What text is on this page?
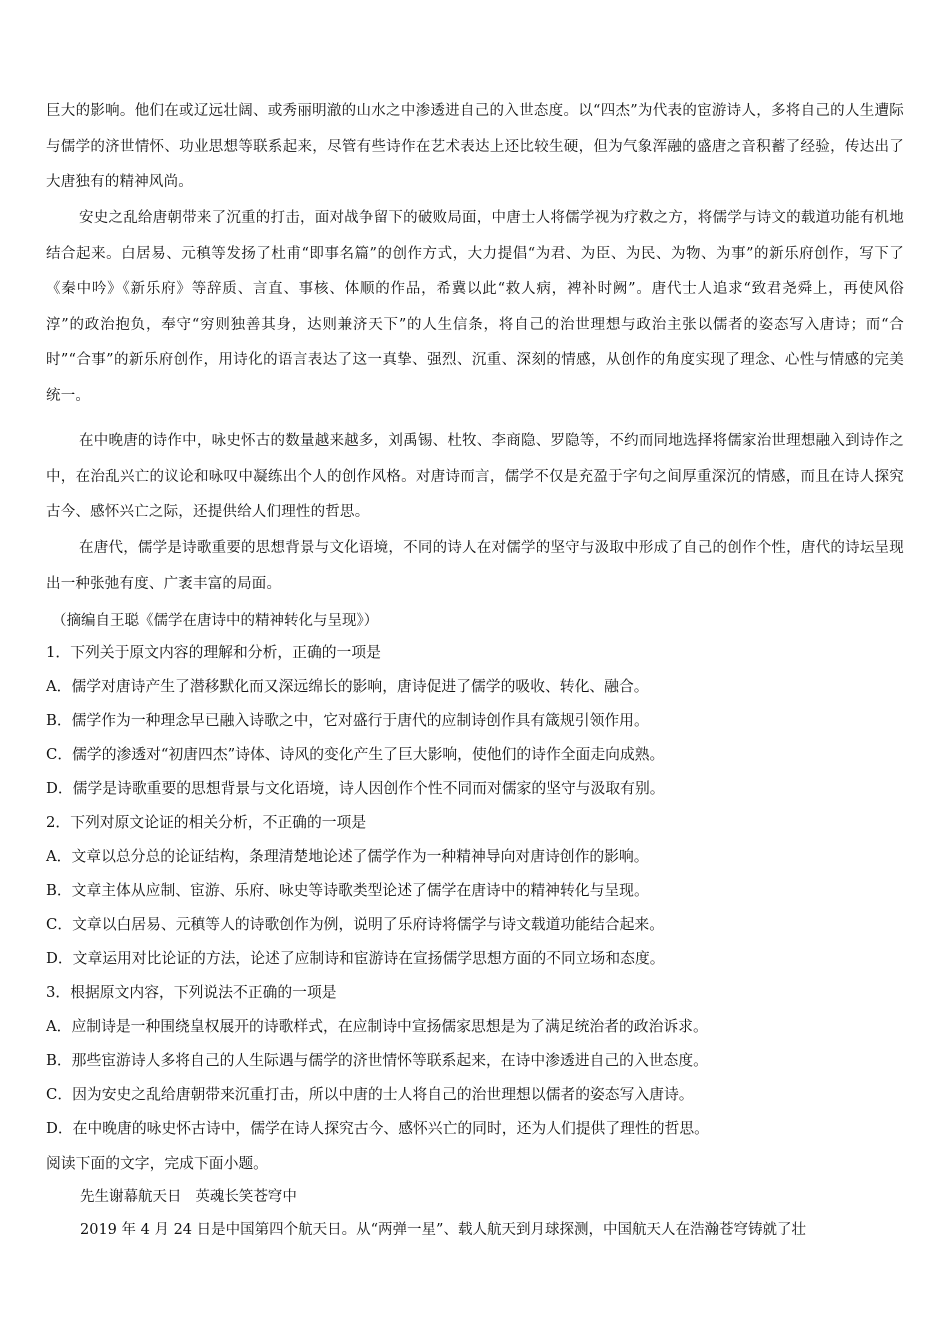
巨大的影响。他们在或辽远壮阔、或秀丽明澈的山水之中渗透进自己的入世态度。以“四杰”为代表的宦游诗人，多将自己的人生遭际与儒学的济世情怀、功业思想等联系起来，尽管有些诗作在艺术表达上还比较生硬，但为气象浑融的盛唐之音积蓄了经验，传达出了大唐独有的精神风尚。

安史之乱给唐朝带来了沉重的打击，面对战争留下的破败局面，中唐士人将儒学视为疗救之方，将儒学与诗文的载道功能有机地结合起来。白居易、元稹等发扬了杜甫“即事名篇”的创作方式，大力提倡“为君、为臣、为民、为物、为事”的新乐府创作，写下了《秦中吟》《新乐府》等辞质、言直、事核、体顺的作品，希冀以此“救人病，裨补时阙”。唐代士人追求“致君尧舜上，再使风俗淳”的政治抱负，奉守“穷则独善其身，达则兼济天下”的人生信条，将自己的治世理想与政治主张以儒者的姿态写入唐诗；而“合时”“合事”的新乐府创作，用诗化的语言表达了这一真挚、强烈、沉重、深刻的情感，从创作的角度实现了理念、心性与情感的完美统一。

在中晚唐的诗作中，咏史怀古的数量越来越多，刘禹锡、杜牧、李商隐、罗隐等，不约而同地选择将儒家治世理想融入到诗作之中，在治乱兴亡的议论和咏叹中凝练出个人的创作风格。对唐诗而言，儒学不仅是充盈于字句之间厚重深沉的情感，而且在诗人探究古今、感怀兴亡之际，还提供给人们理性的哲思。

在唐代，儒学是诗歌重要的思想背景与文化语境，不同的诗人在对儒学的坚守与汲取中形成了自己的创作个性，唐代的诗坛呈现出一种张弛有度、广袤丰富的局面。

（摘编自王聪《儒学在唐诗中的精神转化与呈现》）
1．下列关于原文内容的理解和分析，正确的一项是
A．儒学对唐诗产生了潜移默化而又深远绵长的影响，唐诗促进了儒学的吸收、转化、融合。
B．儒学作为一种理念早已融入诗歌之中，它对盛行于唐代的应制诗创作具有箴规引领作用。
C．儒学的渗透对“初唐四杰”诗体、诗风的变化产生了巨大影响，使他们的诗作全面走向成熟。
D．儒学是诗歌重要的思想背景与文化语境，诗人因创作个性不同而对儒家的坚守与汲取有别。
2．下列对原文论证的相关分析，不正确的一项是
A．文章以总分总的论证结构，条理清楚地论述了儒学作为一种精神导向对唐诗创作的影响。
B．文章主体从应制、宦游、乐府、咏史等诗歌类型论述了儒学在唐诗中的精神转化与呈现。
C．文章以白居易、元稹等人的诗歌创作为例，说明了乐府诗将儒学与诗文载道功能结合起来。
D．文章运用对比论证的方法，论述了应制诗和宦游诗在宣扬儒学思想方面的不同立场和态度。
3．根据原文内容，下列说法不正确的一项是
A．应制诗是一种围绕皇权展开的诗歌样式，在应制诗中宣扬儒家思想是为了满足统治者的政治诉求。
B．那些宦游诗人多将自己的人生际遇与儒学的济世情怀等联系起来，在诗中渗透进自己的入世态度。
C．因为安史之乱给唐朝带来沉重打击，所以中唐的士人将自己的治世理想以儒者的姿态写入唐诗。
D．在中晚唐的咏史怀古诗中，儒学在诗人探究古今、感怀兴亡的同时，还为人们提供了理性的哲思。
阅读下面的文字，完成下面小题。
先生谢幕航天日   英魂长笑苍穹中
2019 年 4 月 24 日是中国第四个航天日。从“两弹一星”、载人航天到月球探测，中国航天人在浩瀚苍穹铸就了壮
